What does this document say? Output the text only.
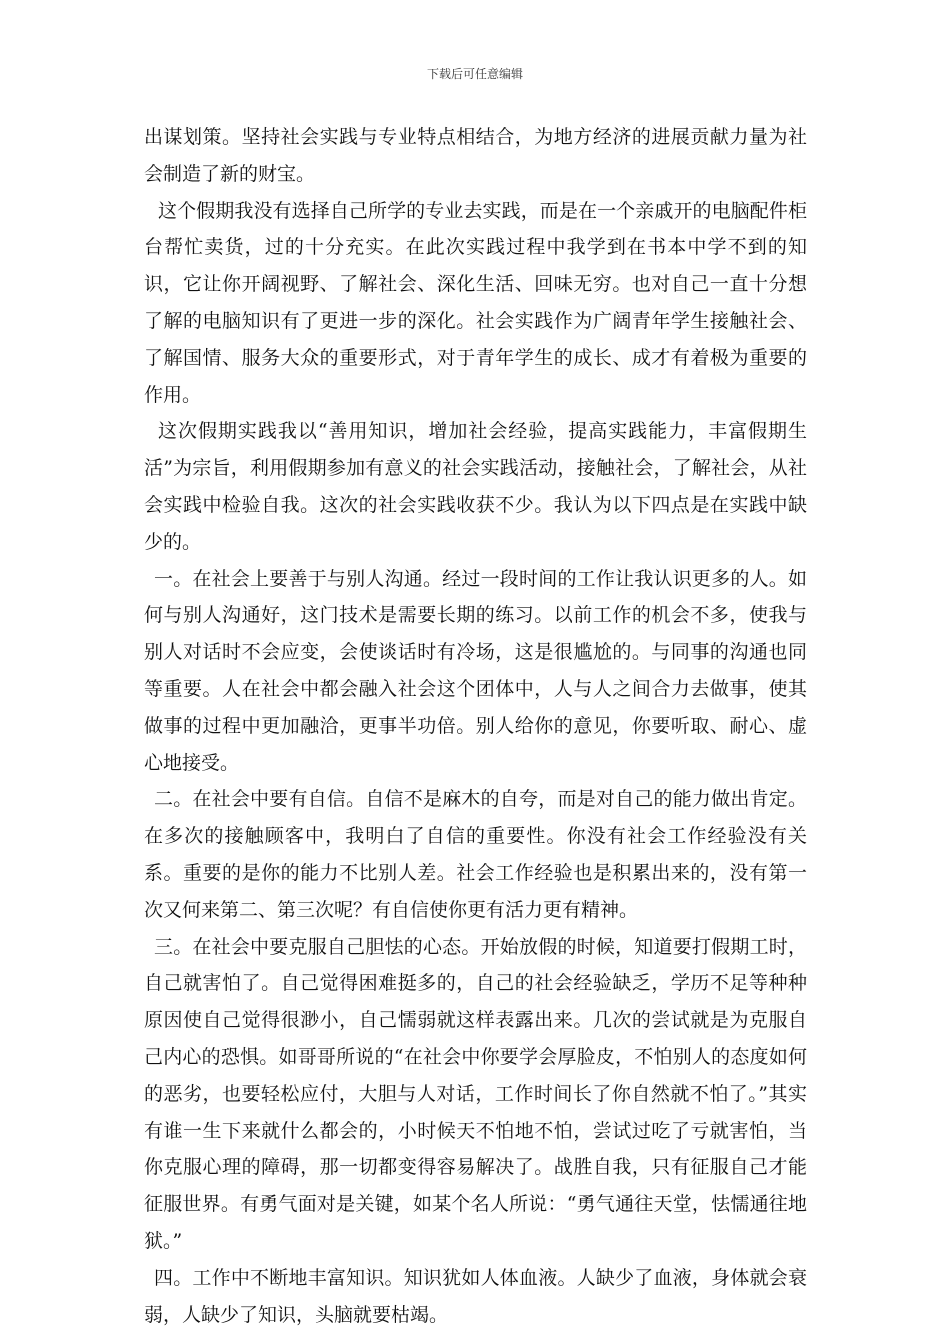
下载后可任意编辑

出谋划策。坚持社会实践与专业特点相结合，为地方经济的进展贡献力量为社会制造了新的财宝。

这个假期我没有选择自己所学的专业去实践，而是在一个亲戚开的电脑配件柜台帮忙卖货，过的十分充实。在此次实践过程中我学到在书本中学不到的知识，它让你开阔视野、了解社会、深化生活、回味无穷。也对自己一直十分想了解的电脑知识有了更进一步的深化。社会实践作为广阔青年学生接触社会、了解国情、服务大众的重要形式，对于青年学生的成长、成才有着极为重要的作用。

这次假期实践我以“善用知识，增加社会经验，提高实践能力，丰富假期生活”为宗旨，利用假期参加有意义的社会实践活动，接触社会，了解社会，从社会实践中检验自我。这次的社会实践收获不少。我认为以下四点是在实践中缺少的。

一。在社会上要善于与别人沟通。经过一段时间的工作让我认识更多的人。如何与别人沟通好，这门技术是需要长期的练习。以前工作的机会不多，使我与别人对话时不会应变，会使谈话时有冷场，这是很尴尬的。与同事的沟通也同等重要。人在社会中都会融入社会这个团体中，人与人之间合力去做事，使其做事的过程中更加融洽，更事半功倍。别人给你的意见，你要听取、耐心、虚心地接受。

二。在社会中要有自信。自信不是麻木的自夸，而是对自己的能力做出肯定。在多次的接触顾客中，我明白了自信的重要性。你没有社会工作经验没有关系。重要的是你的能力不比别人差。社会工作经验也是积累出来的，没有第一次又何来第二、第三次呢？有自信使你更有活力更有精神。

三。在社会中要克服自己胆怯的心态。开始放假的时候，知道要打假期工时，自己就害怕了。自己觉得困难挺多的，自己的社会经验缺乏，学历不足等种种原因使自己觉得很渺小，自己懦弱就这样表露出来。几次的尝试就是为克服自己内心的恐惧。如哥哥所说的“在社会中你要学会厚脸皮，不怕别人的态度如何的恶劣，也要轻松应付，大胆与人对话，工作时间长了你自然就不怕了。”其实有谁一生下来就什么都会的，小时候天不怕地不怕，尝试过吃了亏就害怕，当你克服心理的障碍，那一切都变得容易解决了。战胜自我，只有征服自己才能征服世界。有勇气面对是关键，如某个名人所说：“勇气通往天堂，怯懦通往地狱。”

四。工作中不断地丰富知识。知识犹如人体血液。人缺少了血液，身体就会衰弱，人缺少了知识，头脑就要枯竭。
